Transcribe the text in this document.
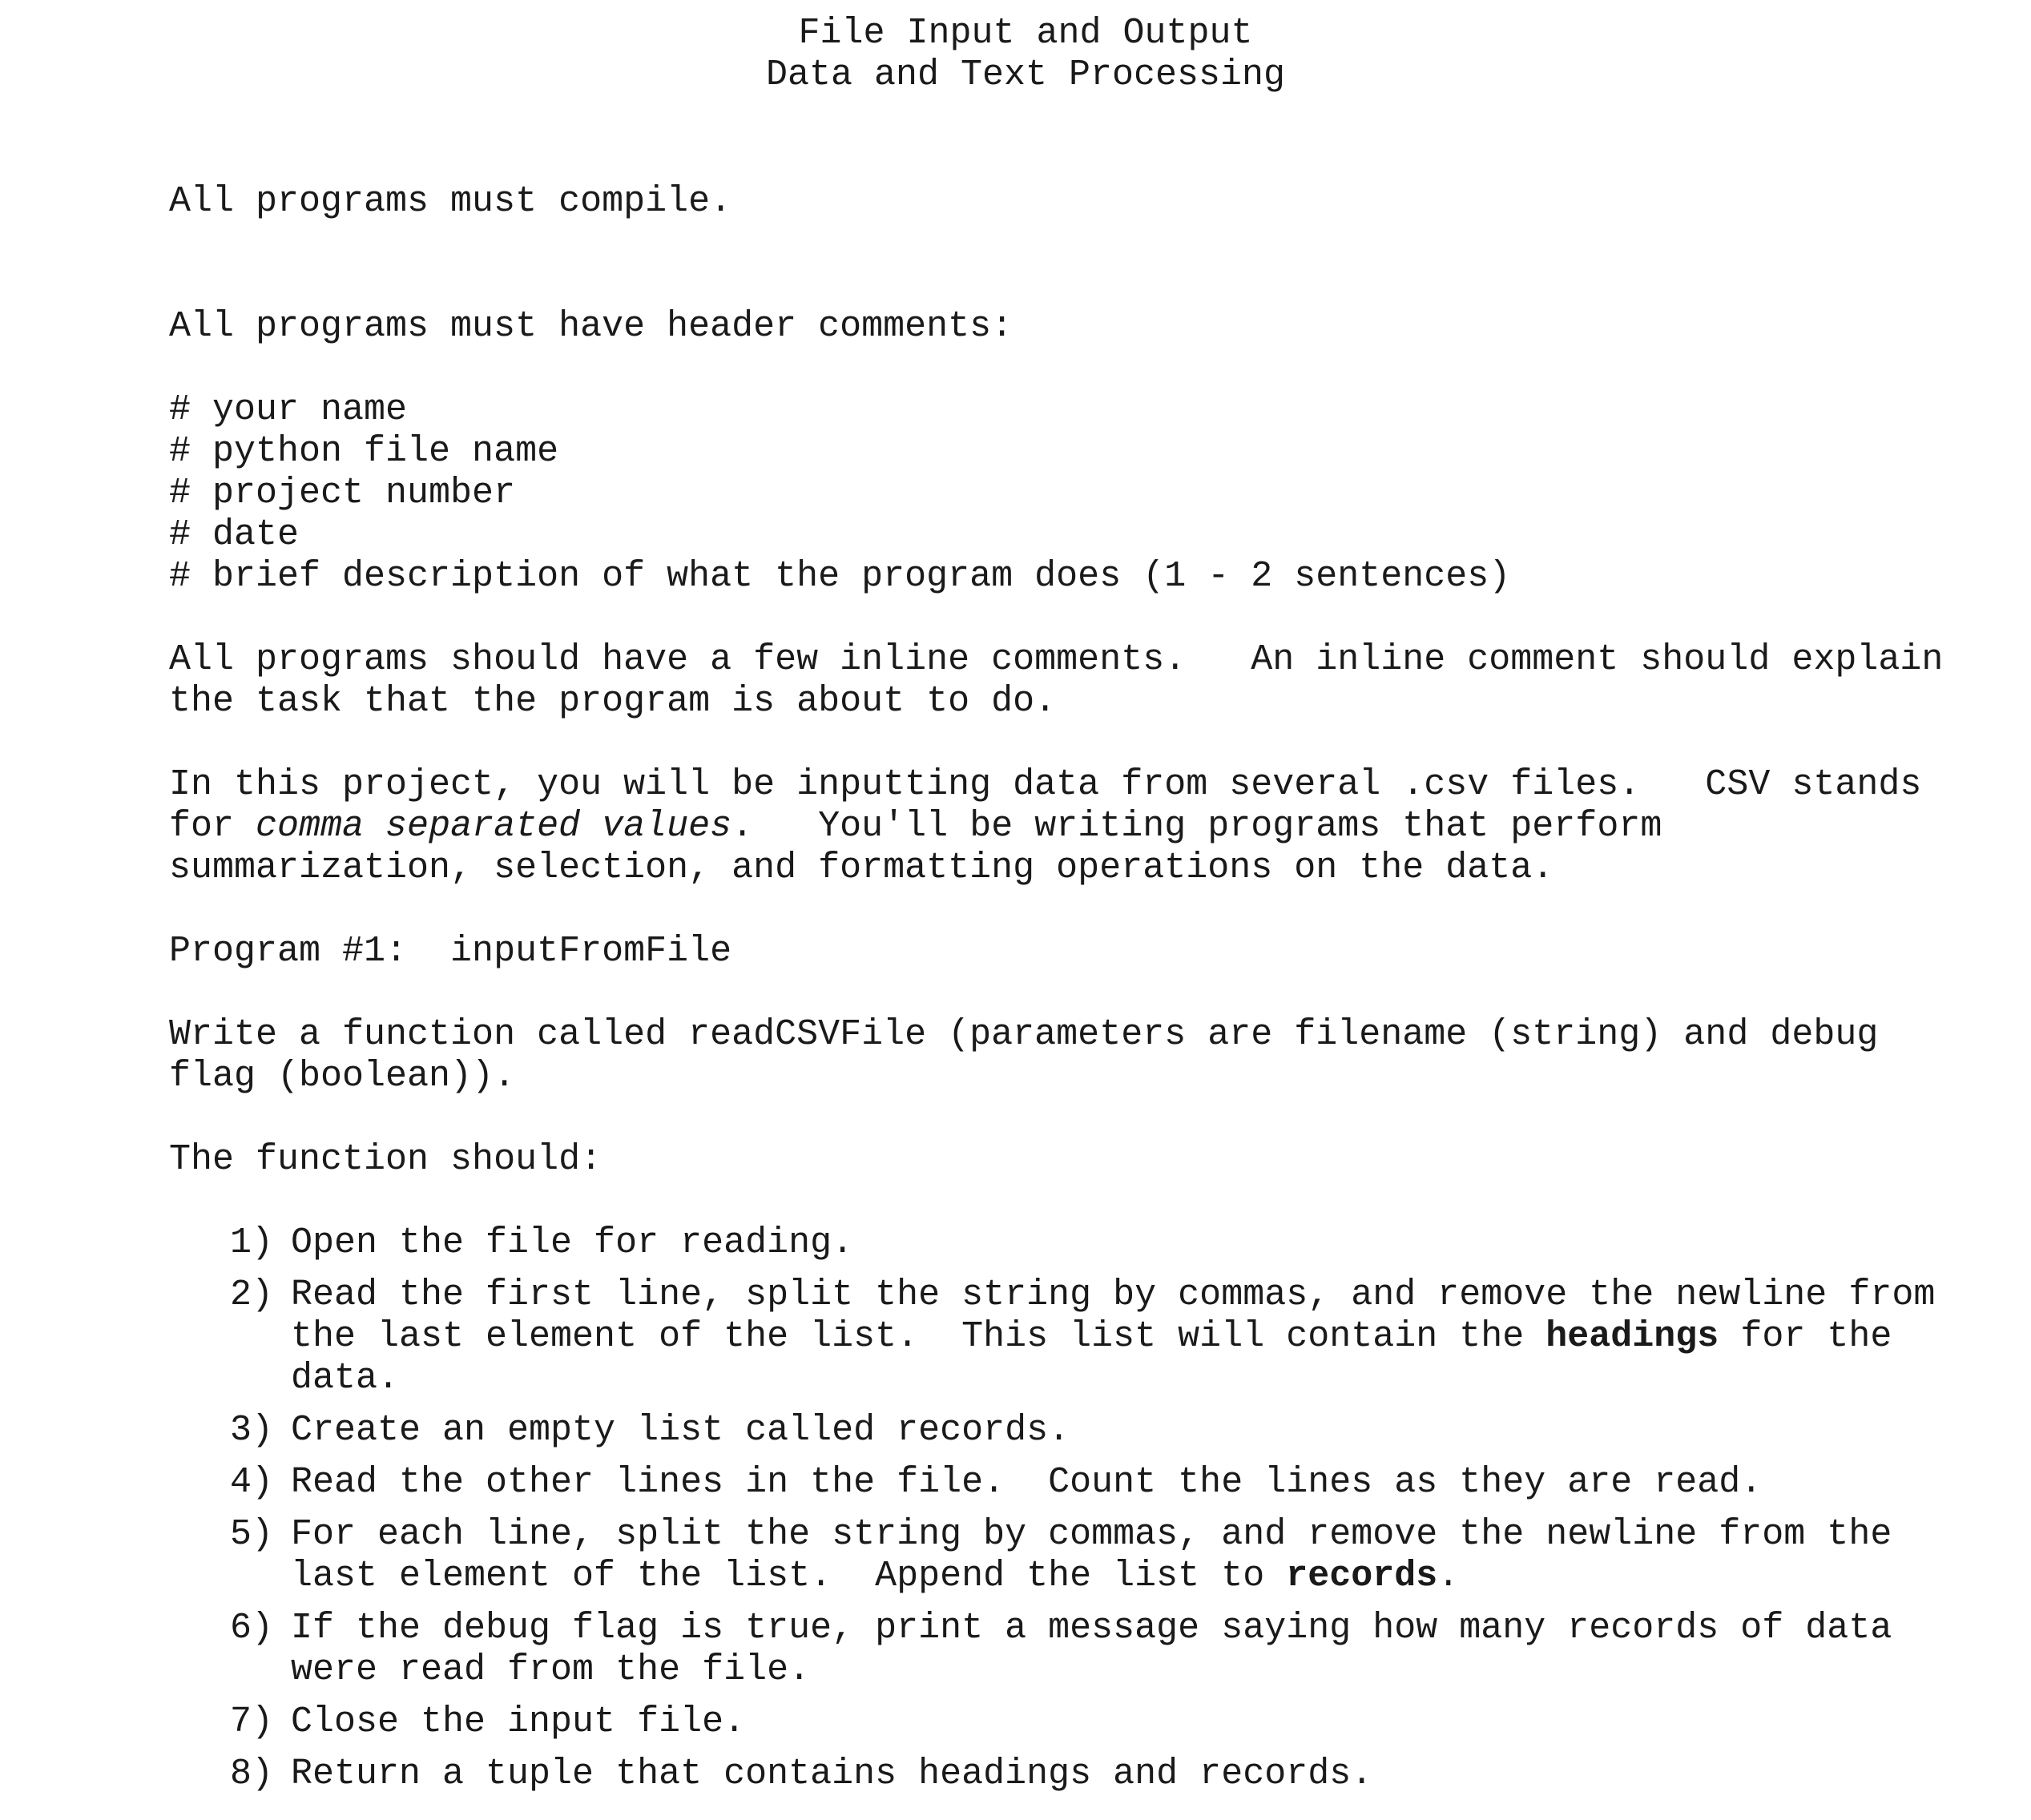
File Input and Output
Data and Text Processing

All programs must compile.

All programs must have header comments:

# your name
# python file name
# project number
# date
# brief description of what the program does (1 - 2 sentences)

All programs should have a few inline comments.   An inline comment should explain the task that the program is about to do.

In this project, you will be inputting data from several .csv files.   CSV stands for comma separated values.   You'll be writing programs that perform summarization, selection, and formatting operations on the data.

Program #1:  inputFromFile

Write a function called readCSVFile (parameters are filename (string) and debug flag (boolean)).

The function should:

1) Open the file for reading.
2) Read the first line, split the string by commas, and remove the newline from the last element of the list.  This list will contain the headings for the data.
3) Create an empty list called records.
4) Read the other lines in the file.  Count the lines as they are read.
5) For each line, split the string by commas, and remove the newline from the last element of the list.  Append the list to records.
6) If the debug flag is true, print a message saying how many records of data were read from the file.
7) Close the input file.
8) Return a tuple that contains headings and records.
